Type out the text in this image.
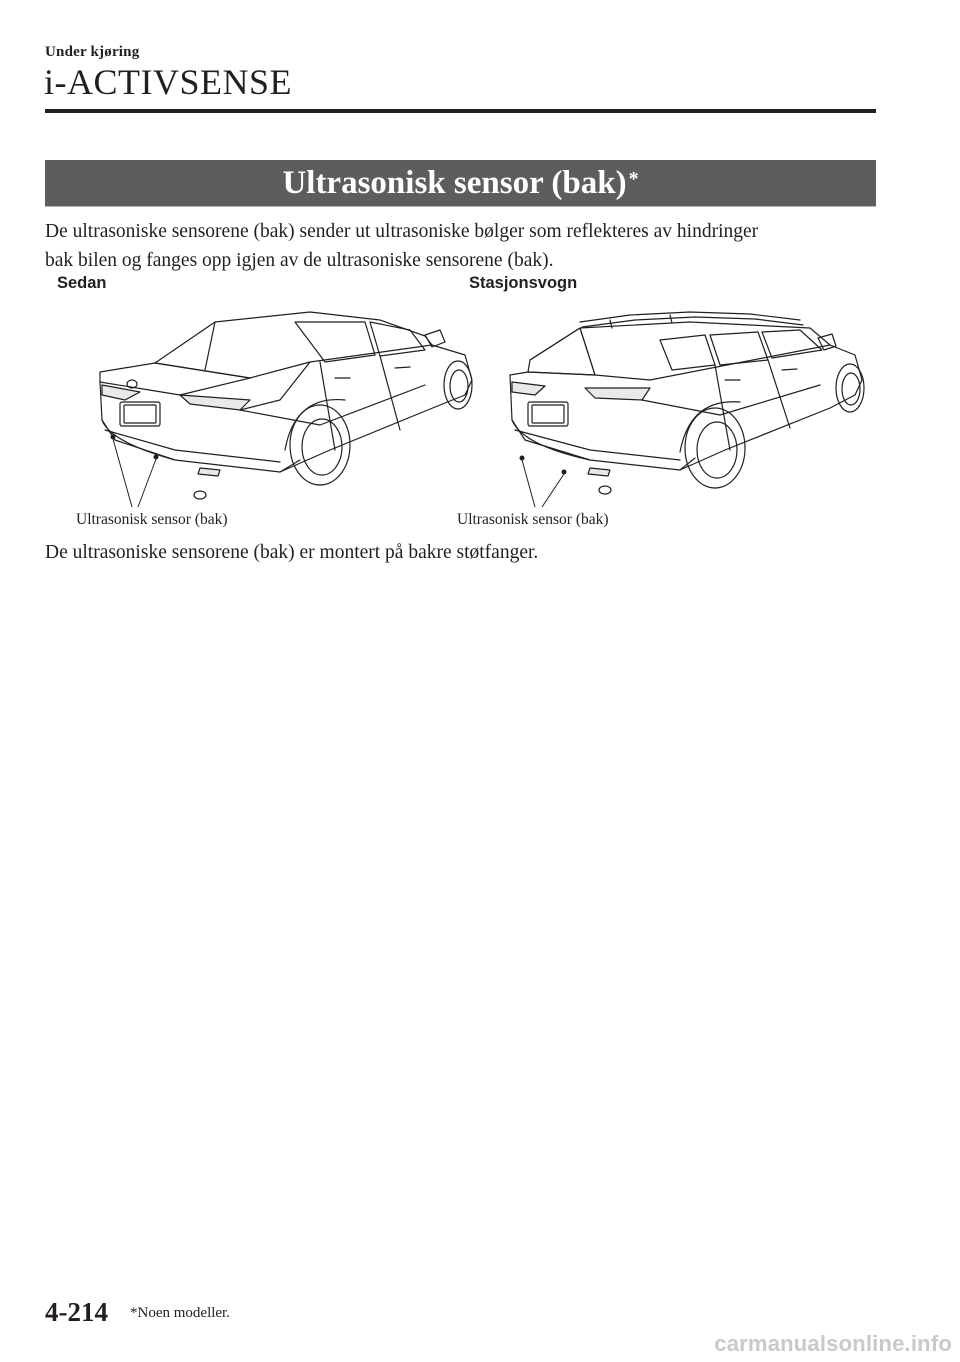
Under kjøring
i-ACTIVSENSE
Ultrasonisk sensor (bak)*
De ultrasoniske sensorene (bak) sender ut ultrasoniske bølger som reflekteres av hindringer
bak bilen og fanges opp igjen av de ultrasoniske sensorene (bak).
Sedan	Stasjonsvogn
Ultrasonisk sensor (bak)	Ultrasonisk sensor (bak)
De ultrasoniske sensorene (bak) er montert på bakre støtfanger.
4-214 *Noen modeller.
carmanualsonline.info
